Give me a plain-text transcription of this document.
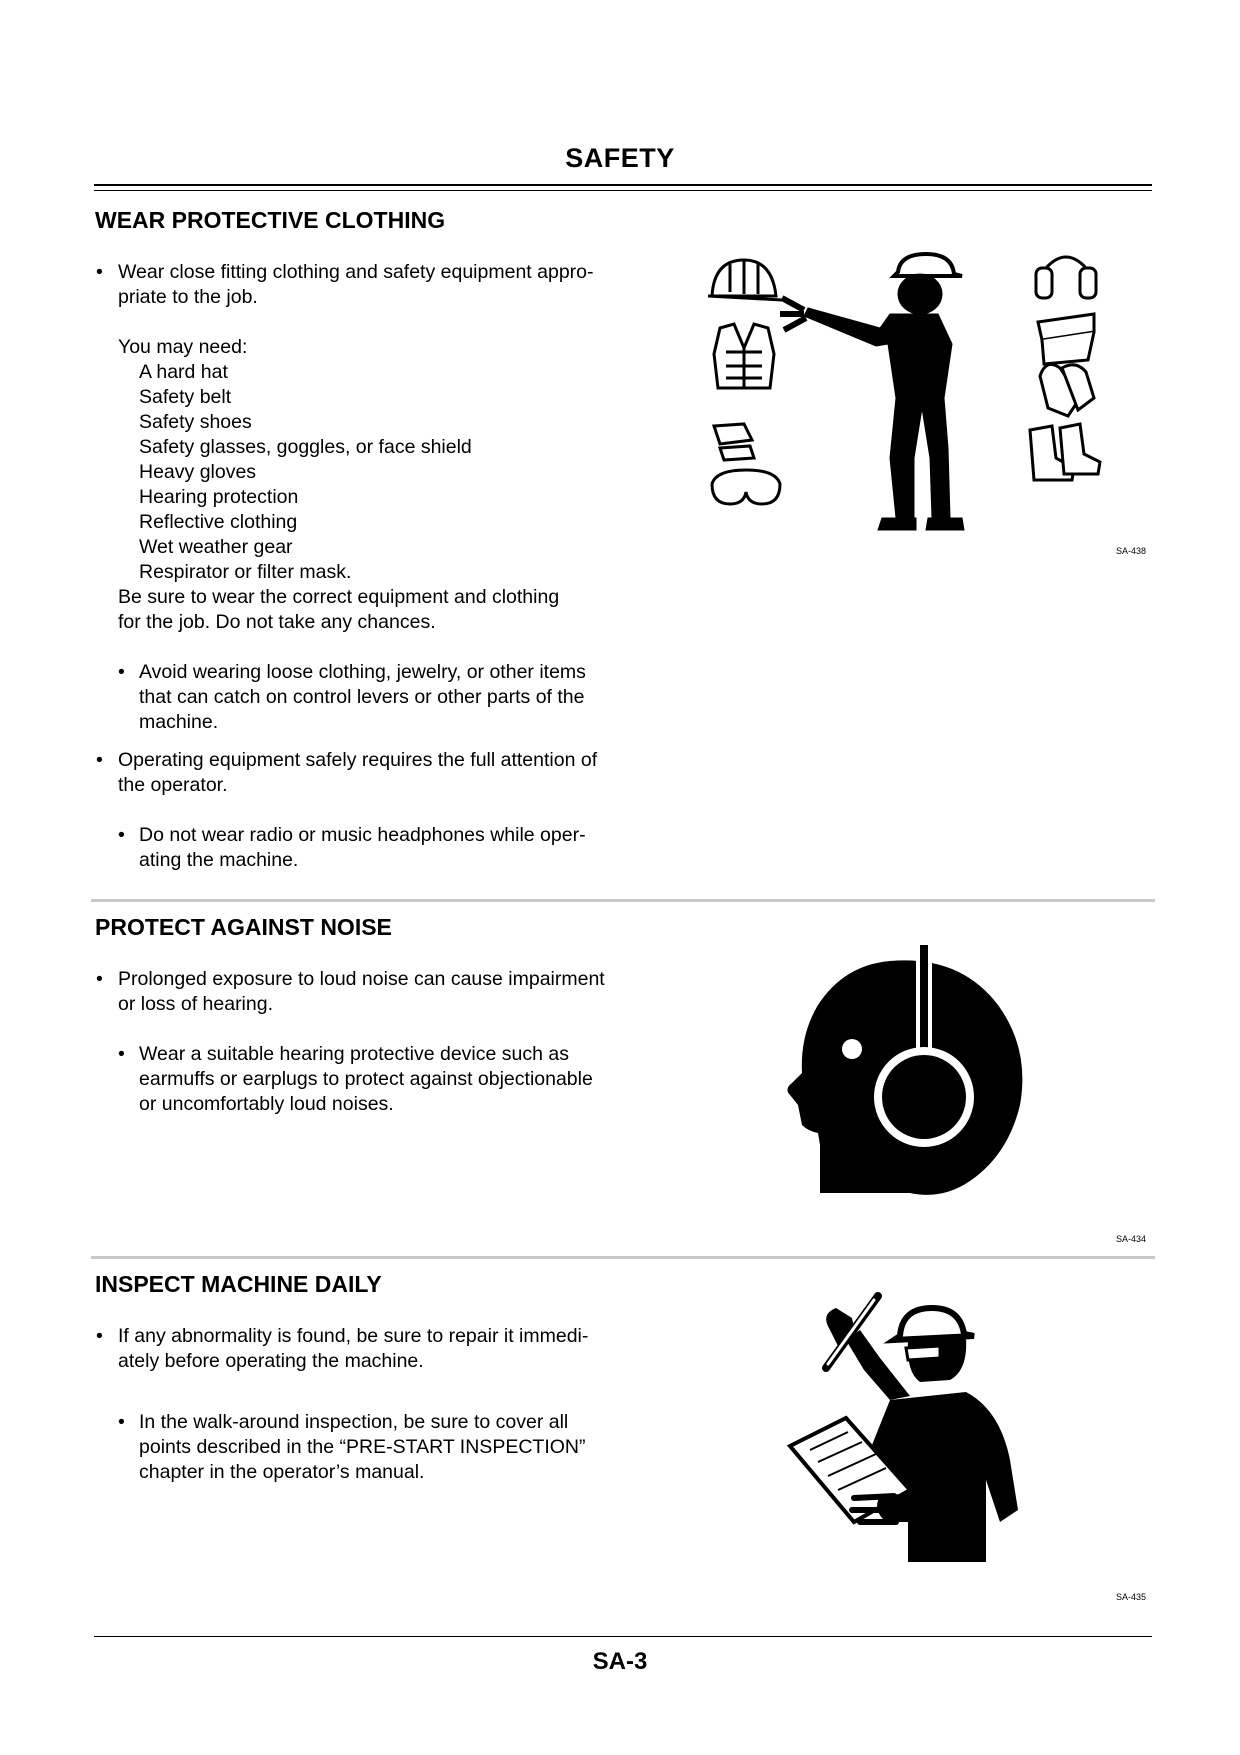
SAFETY
WEAR PROTECTIVE CLOTHING
• Wear close fitting clothing and safety equipment appro-
priate to the job.
You may need:
A hard hat
Safety belt
Safety shoes
Safety glasses, goggles, or face shield
Heavy gloves
Hearing protection
Reflective clothing
Wet weather gear
Respirator or filter mask.
Be sure to wear the correct equipment and clothing
for the job. Do not take any chances.
• Avoid wearing loose clothing, jewelry, or other items
that can catch on control levers or other parts of the
machine.
• Operating equipment safely requires the full attention of
the operator.
• Do not wear radio or music headphones while oper-
ating the machine.
SA-438
PROTECT AGAINST NOISE
• Prolonged exposure to loud noise can cause impairment
or loss of hearing.
• Wear a suitable hearing protective device such as
earmuffs or earplugs to protect against objectionable
or uncomfortably loud noises.
SA-434
INSPECT MACHINE DAILY
• If any abnormality is found, be sure to repair it immedi-
ately before operating the machine.
• In the walk-around inspection, be sure to cover all
points described in the “PRE-START INSPECTION”
chapter in the operator’s manual.
SA-435
SA-3
